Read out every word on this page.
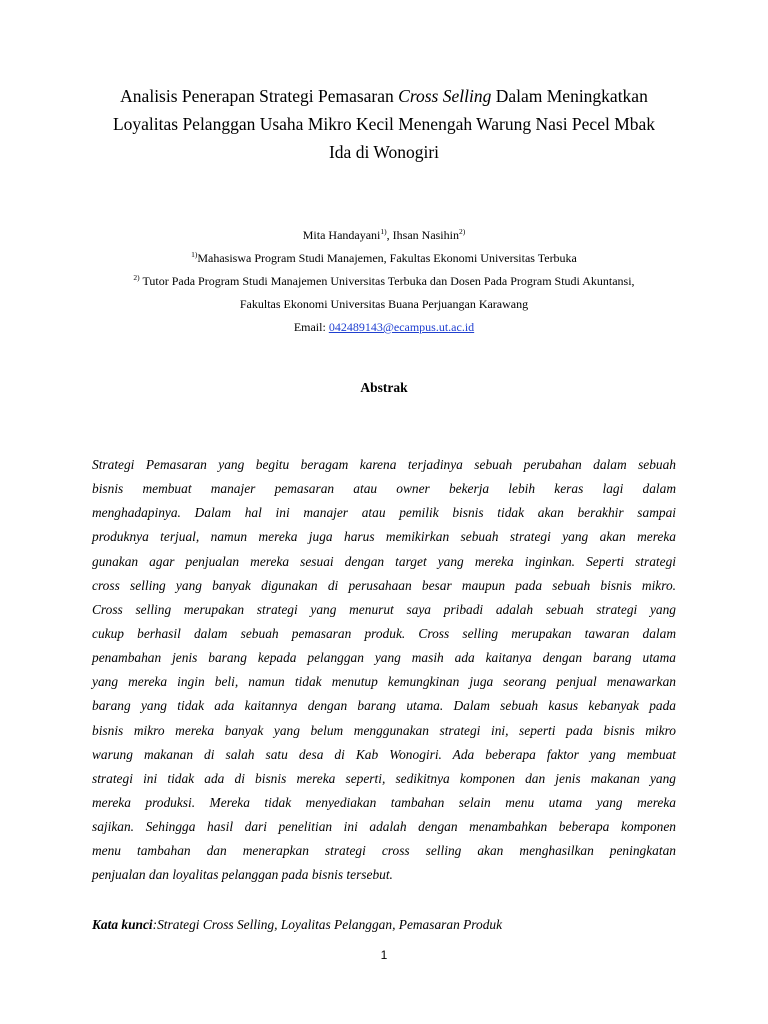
Analisis Penerapan Strategi Pemasaran Cross Selling Dalam Meningkatkan
Loyalitas Pelanggan Usaha Mikro Kecil Menengah Warung Nasi Pecel Mbak
Ida di Wonogiri
Mita Handayani$^{1)}$, Ihsan Nasihin$^{2)}$
$^{1)}$Mahasiswa Program Studi Manajemen, Fakultas Ekonomi Universitas Terbuka
$^{2)}$ Tutor Pada Program Studi Manajemen Universitas Terbuka dan Dosen Pada Program Studi Akuntansi,
Fakultas Ekonomi Universitas Buana Perjuangan Karawang
Email: 042489143@ecampus.ut.ac.id
Abstrak
Strategi Pemasaran yang begitu beragam karena terjadinya sebuah perubahan dalam sebuah
bisnis membuat manajer pemasaran atau owner bekerja lebih keras lagi dalam
menghadapinya. Dalam hal ini manajer atau pemilik bisnis tidak akan berakhir sampai
produknya terjual, namun mereka juga harus memikirkan sebuah strategi yang akan mereka
gunakan agar penjualan mereka sesuai dengan target yang mereka inginkan. Seperti strategi
cross selling yang banyak digunakan di perusahaan besar maupun pada sebuah bisnis mikro.
Cross selling merupakan strategi yang menurut saya pribadi adalah sebuah strategi yang
cukup berhasil dalam sebuah pemasaran produk. Cross selling merupakan tawaran dalam
penambahan jenis barang kepada pelanggan yang masih ada kaitanya dengan barang utama
yang mereka ingin beli, namun tidak menutup kemungkinan juga seorang penjual menawarkan
barang yang tidak ada kaitannya dengan barang utama. Dalam sebuah kasus kebanyak pada
bisnis mikro mereka banyak yang belum menggunakan strategi ini, seperti pada bisnis mikro
warung makanan di salah satu desa di Kab Wonogiri. Ada beberapa faktor yang membuat
strategi ini tidak ada di bisnis mereka seperti, sedikitnya komponen dan jenis makanan yang
mereka produksi. Mereka tidak menyediakan tambahan selain menu utama yang mereka
sajikan. Sehingga hasil dari penelitian ini adalah dengan menambahkan beberapa komponen
menu tambahan dan menerapkan strategi cross selling akan menghasilkan peningkatan
penjualan dan loyalitas pelanggan pada bisnis tersebut.
Kata kunci:Strategi Cross Selling, Loyalitas Pelanggan, Pemasaran Produk
1
